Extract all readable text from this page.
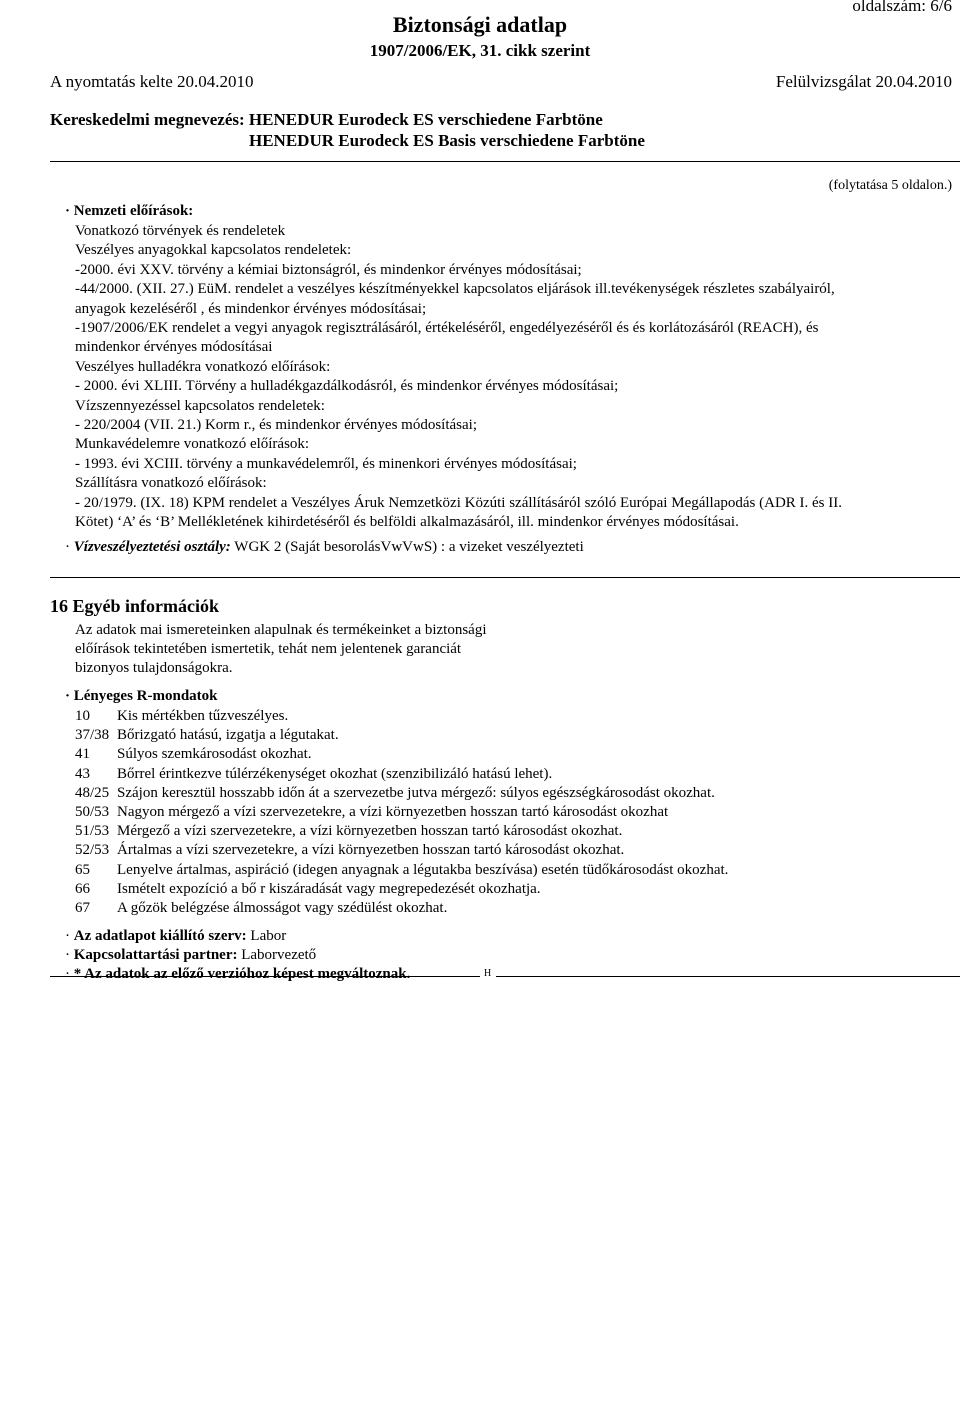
oldalszám: 6/6
Biztonsági adatlap
1907/2006/EK, 31. cikk szerint
A nyomtatás kelte 20.04.2010	Felülvizsgálat 20.04.2010
Kereskedelmi megnevezés: HENEDUR Eurodeck ES verschiedene Farbtöne
HENEDUR Eurodeck ES Basis verschiedene Farbtöne
(folytatása 5 oldalon.)
· Nemzeti előírások:
Vonatkozó törvények és rendeletek
Veszélyes anyagokkal kapcsolatos rendeletek:
-2000. évi XXV. törvény a kémiai biztonságról, és mindenkor érvényes módosításai;
-44/2000. (XII. 27.) EüM. rendelet a veszélyes készítményekkel kapcsolatos eljárások ill.tevékenységek részletes szabályairól,
anyagok kezeléséről , és mindenkor érvényes módosításai;
-1907/2006/EK rendelet a vegyi anyagok regisztrálásáról, értékeléséről, engedélyezéséről és és korlátozásáról (REACH), és
mindenkor érvényes módosításai
Veszélyes hulladékra vonatkozó előírások:
- 2000. évi XLIII. Törvény a hulladékgazdálkodásról, és mindenkor érvényes módosításai;
Vízszennyezéssel kapcsolatos rendeletek:
- 220/2004 (VII. 21.) Korm r., és mindenkor érvényes módosításai;
Munkavédelemre vonatkozó előírások:
- 1993. évi XCIII. törvény a munkavédelemről, és minenkori érvényes módosításai;
Szállításra vonatkozó előírások:
- 20/1979. (IX. 18) KPM rendelet a Veszélyes Áruk Nemzetközi Közúti szállításáról szóló Európai Megállapodás (ADR I. és II.
Kötet) ‘A’ és ‘B’ Mellékletének kihirdetéséről és belföldi alkalmazásáról, ill. mindenkor érvényes módosításai.
· Vízveszélyeztetési osztály: WGK 2 (Saját besorolásVwVwS) : a vizeket veszélyezteti
16 Egyéb információk
Az adatok mai ismereteinken alapulnak és termékeinket a biztonsági
előírások tekintetében ismertetik, tehát nem jelentenek garanciát
bizonyos tulajdonságokra.
· Lényeges R-mondatok
10 Kis mértékben tűzveszélyes.
37/38 Bőrizgató hatású, izgatja a légutakat.
41 Súlyos szemkárosodást okozhat.
43 Bőrrel érintkezve túlérzékenységet okozhat (szenzibilizáló hatású lehet).
48/25 Szájon keresztül hosszabb időn át a szervezetbe jutva mérgező: súlyos egészségkárosodást okozhat.
50/53 Nagyon mérgező a vízi szervezetekre, a vízi környezetben hosszan tartó károsodást okozhat
51/53 Mérgező a vízi szervezetekre, a vízi környezetben hosszan tartó károsodást okozhat.
52/53 Ártalmas a vízi szervezetekre, a vízi környezetben hosszan tartó károsodást okozhat.
65 Lenyelve ártalmas, aspiráció (idegen anyagnak a légutakba beszívása) esetén tüdőkárosodást okozhat.
66 Ismételt expozíció a bő r kiszáradását vagy megrepedezését okozhatja.
67 A gőzök belégzése álmosságot vagy szédülést okozhat.
· Az adatlapot kiállító szerv: Labor
· Kapcsolattartási partner: Laborvezető
· * Az adatok az előző verzióhoz képest megváltoznak.	H
